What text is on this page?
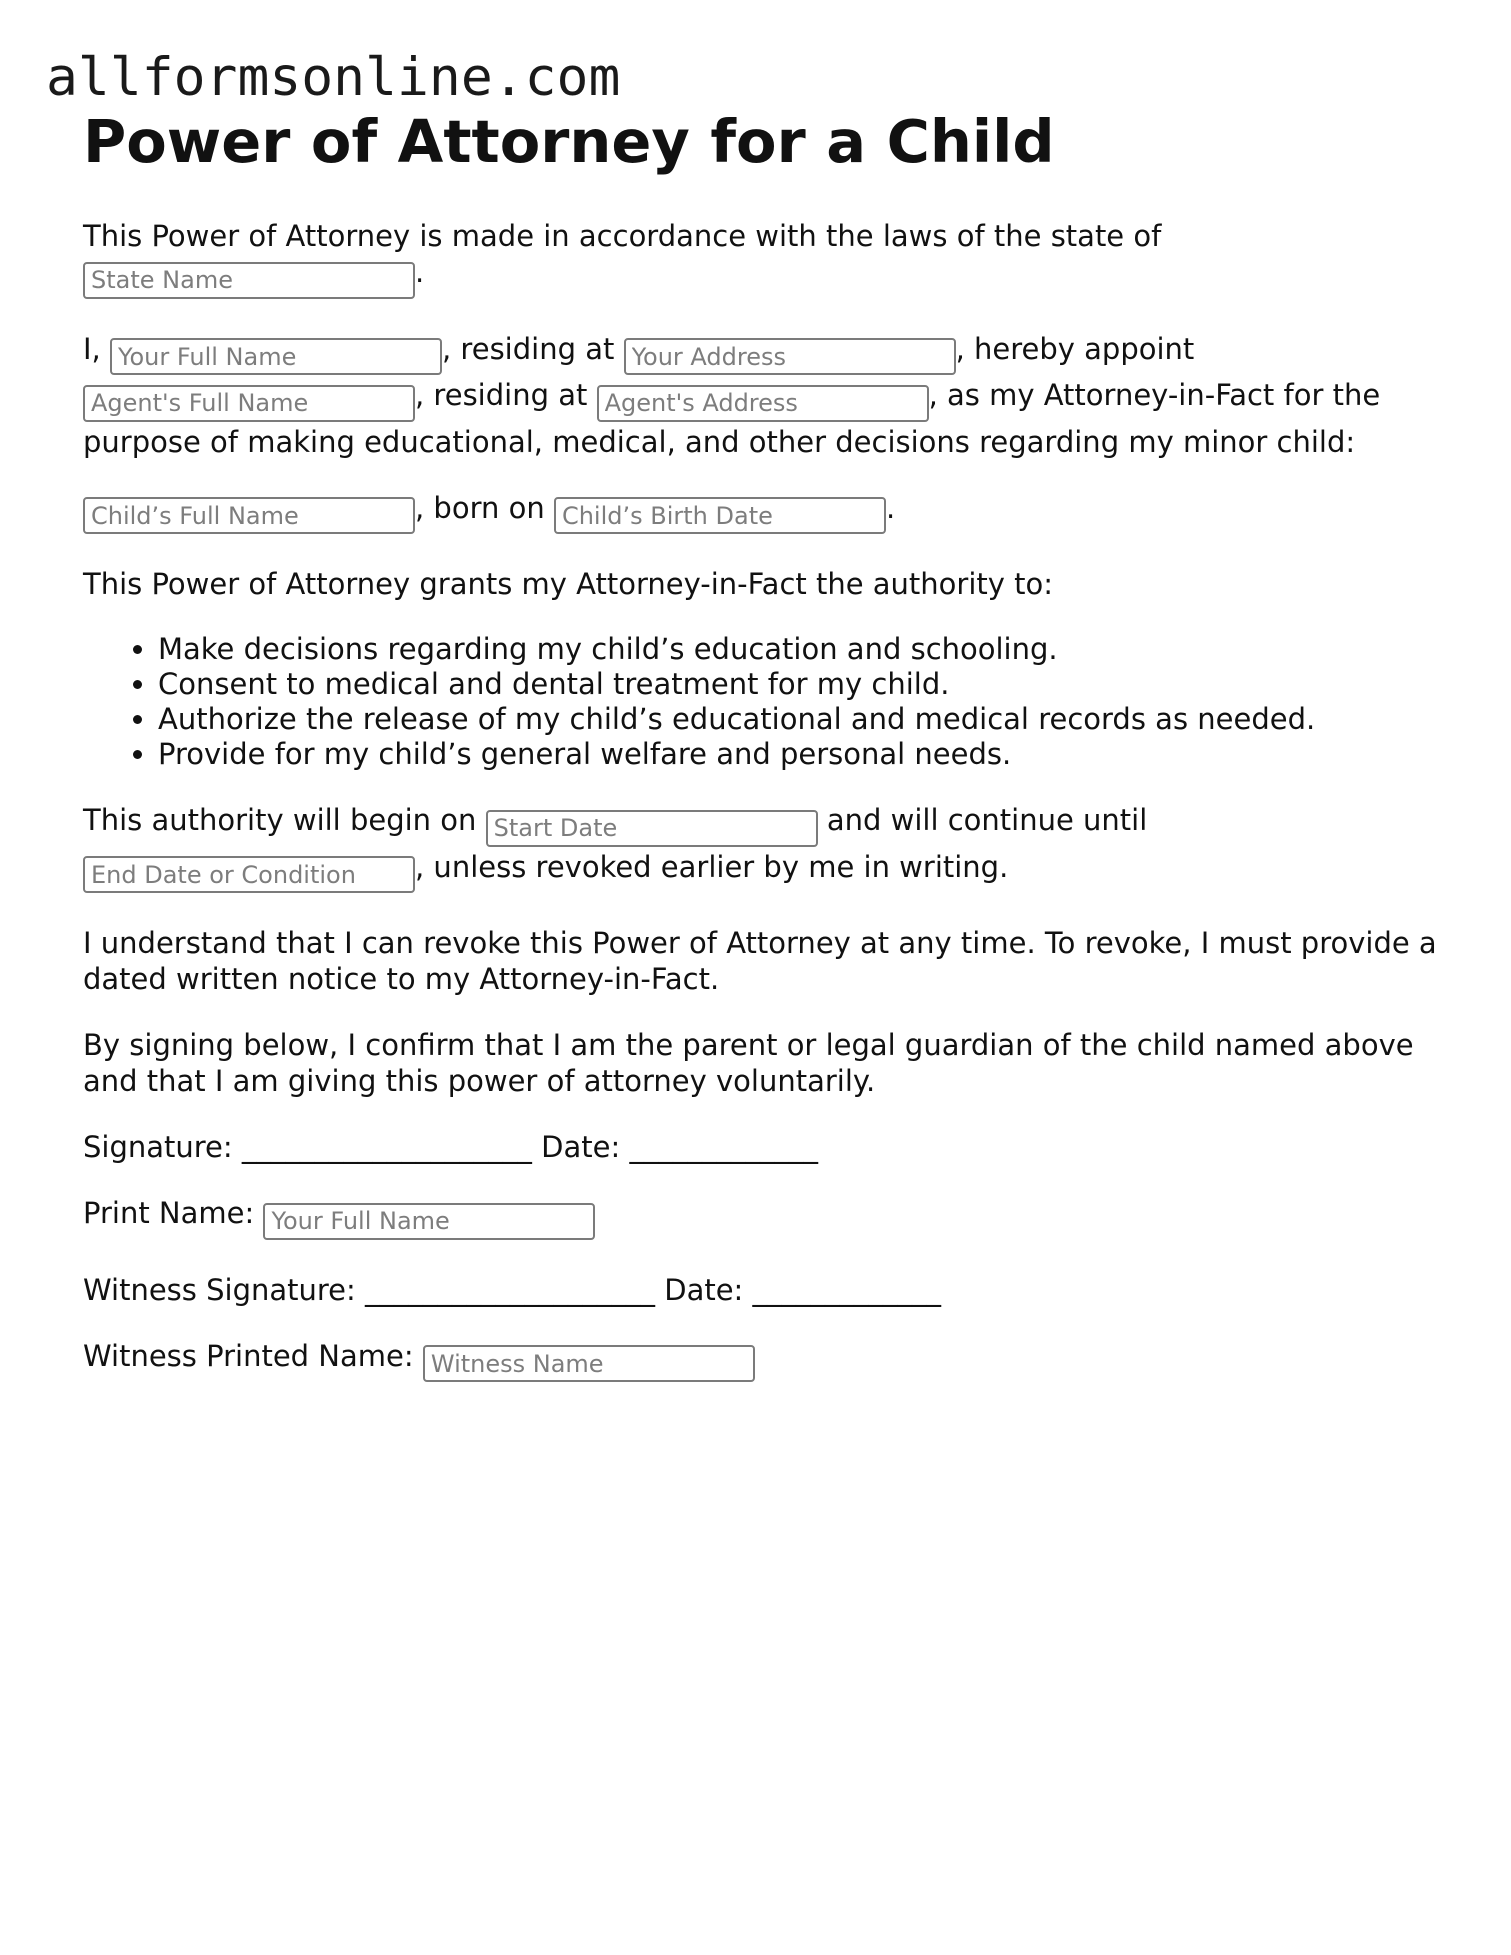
allformsonline.com
Power of Attorney for a Child

This Power of Attorney is made in accordance with the laws of the state of
State Name.

I, Your Full Name	, residing at Your Address	, hereby appoint
Agent's Full Name, residing at Agent's Address	, as my Attorney-in-Fact for the purpose of making educational, medical, and other decisions regarding my minor child:

Child’s Full Name, born on Child’s Birth Date	.

This Power of Attorney grants my Attorney-in-Fact the authority to:

• Make decisions regarding my child’s education and schooling.
• Consent to medical and dental treatment for my child.
• Authorize the release of my child’s educational and medical records as needed.
• Provide for my child’s general welfare and personal needs.

This authority will begin on Start Date	and will continue until
End Date or Condition, unless revoked earlier by me in writing.

I understand that I can revoke this Power of Attorney at any time. To revoke, I must provide a dated written notice to my Attorney-in-Fact.

By signing below, I confirm that I am the parent or legal guardian of the child named above and that I am giving this power of attorney voluntarily.

Signature: ____________________ Date: _____________
Print Name: Your Full Name
Witness Signature: ____________________ Date: _____________
Witness Printed Name: Witness Name
